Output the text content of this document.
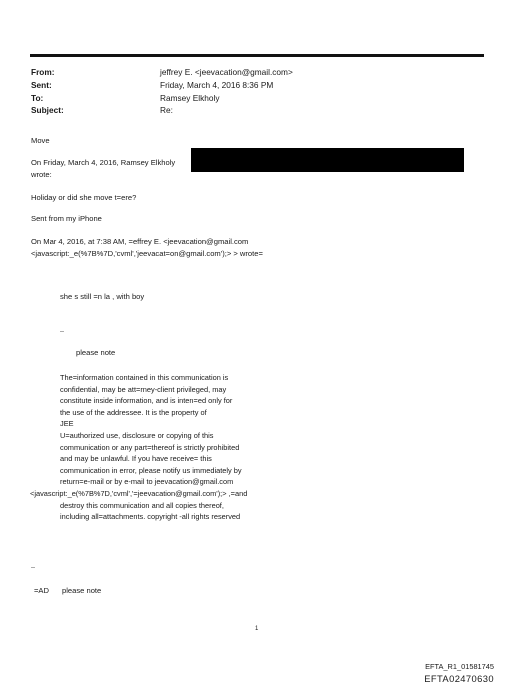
From:	jeffrey E. <jeevacation@gmail.com>
Sent:	Friday, March 4, 2016 8:36 PM
To:	Ramsey Elkholy
Subject:	Re:
Move
On Friday, March 4, 2016, Ramsey Elkholy
wrote:
Holiday or did she move t=ere?
Sent from my iPhone
On Mar 4, 2016, at 7:38 AM, =effrey E. <jeevacation@gmail.com
<javascript:_e(%7B%7D,'cvml','jeevacat=on@gmail.com');> > wrote=
she s still =n la , with boy
--
please note
The=information contained in this communication is
confidential, may be att=rney-client privileged, may
constitute inside information, and is inten=ed only for
the use of the addressee. It is the property of
JEE
U=authorized use, disclosure or copying of this
communication or any part=thereof is strictly prohibited
and may be unlawful. If you have receive= this
communication in error, please notify us immediately by
return=e-mail or by e-mail to jeevacation@gmail.com
<javascript:_e(%7B%7D,'cvml','=jeevacation@gmail.com');> ,=and
destroy this communication and all copies thereof,
including all=attachments. copyright -all rights reserved
--
=AD please note
1
EFTA_R1_01581745
EFTA02470630
